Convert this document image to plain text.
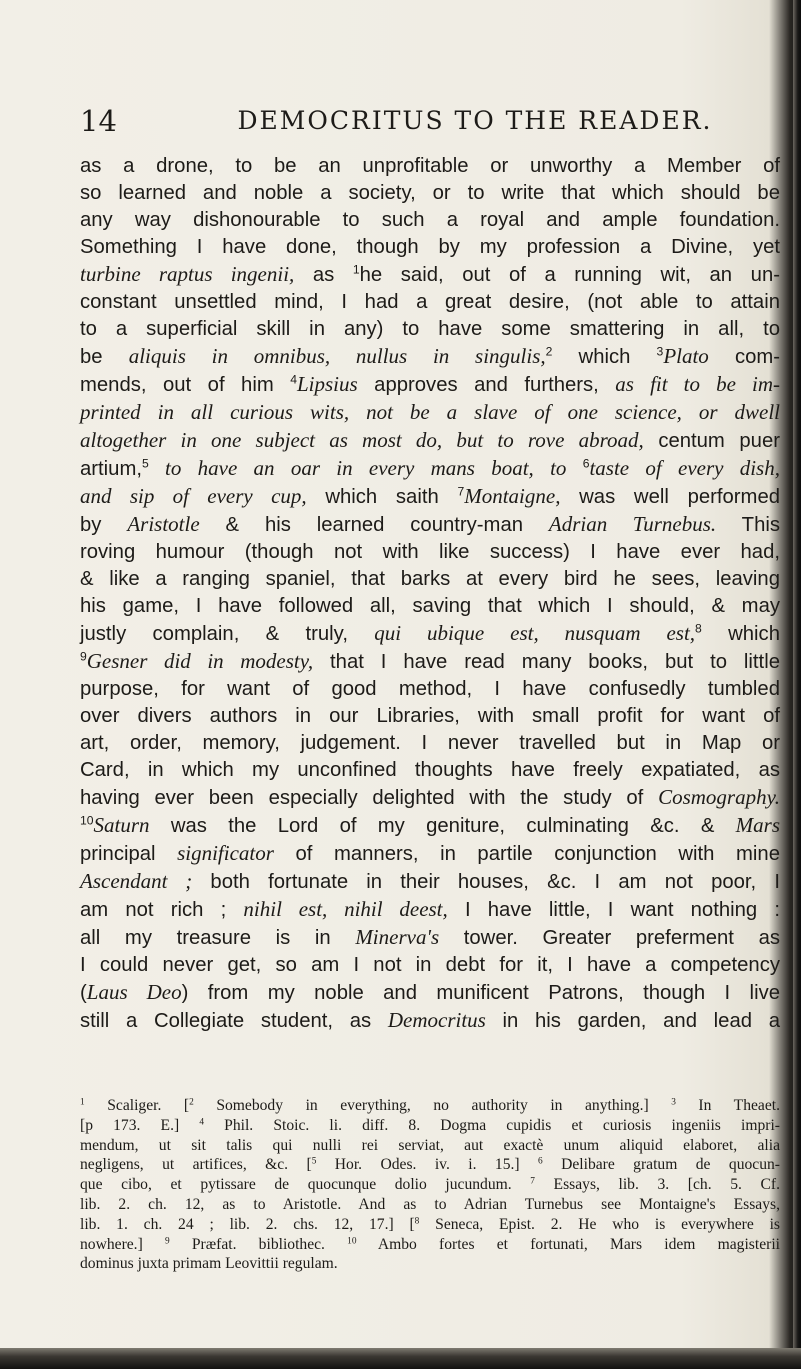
14	DEMOCRITUS TO THE READER.
as a drone, to be an unprofitable or unworthy a Member of
so learned and noble a society, or to write that which should be
any way dishonourable to such a royal and ample foundation.
Something I have done, though by my profession a Divine, yet
turbine raptus ingenii, as $^1$he said, out of a running wit, an un-
constant unsettled mind, I had a great desire, (not able to attain
to a superficial skill in any) to have some smattering in all, to
be aliquis in omnibus, nullus in singulis,$^2$ which $^3$Plato com-
mends, out of him $^4$Lipsius approves and furthers, as fit to be im-
printed in all curious wits, not be a slave of one science, or dwell
altogether in one subject as most do, but to rove abroad, centum puer
artium,$^5$ to have an oar in every mans boat, to $^6$taste of every dish,
and sip of every cup, which saith $^7$Montaigne, was well performed
by Aristotle & his learned country-man Adrian Turnebus. This
roving humour (though not with like success) I have ever had,
& like a ranging spaniel, that barks at every bird he sees, leaving
his game, I have followed all, saving that which I should, & may
justly complain, & truly, qui ubique est, nusquam est,$^8$ which
$^9$Gesner did in modesty, that I have read many books, but to little
purpose, for want of good method, I have confusedly tumbled
over divers authors in our Libraries, with small profit for want of
art, order, memory, judgement. I never travelled but in Map or
Card, in which my unconfined thoughts have freely expatiated, as
having ever been especially delighted with the study of Cosmography.
$^{10}$Saturn was the Lord of my geniture, culminating &c. & Mars
principal significator of manners, in partile conjunction with mine
Ascendant ; both fortunate in their houses, &c. I am not poor, I
am not rich ; nihil est, nihil deest, I have little, I want nothing :
all my treasure is in Minerva's tower. Greater preferment as
I could never get, so am I not in debt for it, I have a competency
(Laus Deo) from my noble and munificent Patrons, though I live
still a Collegiate student, as Democritus in his garden, and lead a
$^1$ Scaliger. [$^2$ Somebody in everything, no authority in anything.] $^3$ In Theaet.
[p 173. E.] $^4$ Phil. Stoic. li. diff. 8. Dogma cupidis et curiosis ingeniis impri-
mendum, ut sit talis qui nulli rei serviat, aut exactè unum aliquid elaboret, alia
negligens, ut artifices, &c. [$^5$ Hor. Odes. iv. i. 15.] $^6$ Delibare gratum de quocun-
que cibo, et pytissare de quocunque dolio jucundum. $^7$ Essays, lib. 3. [ch. 5. Cf.
lib. 2. ch. 12, as to Aristotle. And as to Adrian Turnebus see Montaigne's Essays,
lib. 1. ch. 24 ; lib. 2. chs. 12, 17.] [$^8$ Seneca, Epist. 2. He who is everywhere is
nowhere.] $^9$ Præfat. bibliothec. $^{10}$ Ambo fortes et fortunati, Mars idem magisterii
dominus juxta primam Leovittii regulam.
